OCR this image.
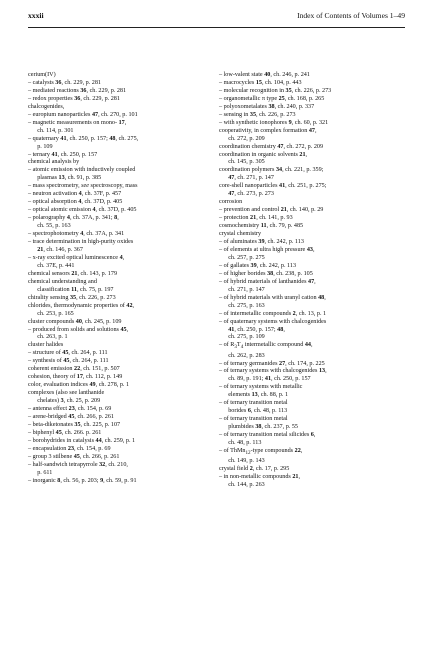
xxxii	Index of Contents of Volumes 1–49
cerium(IV)
– catalysts 36, ch. 229, p. 281
– mediated reactions 36, ch. 229, p. 281
– redox properties 36, ch. 229, p. 281
chalcogenides,
– europium nanoparticles 47, ch. 270, p. 101
– magnetic measurements on mono- 17,
ch. 114, p. 301
– quaternary 41, ch. 250, p. 157; 48, ch. 275,
p. 109
– ternary 41, ch. 250, p. 157
chemical analysis by
– atomic emission with inductively coupled
plasmas 13, ch. 91, p. 385
– mass spectrometry, see spectroscopy, mass
– neutron activation 4, ch. 37F, p. 457
– optical absorption 4, ch. 37D, p. 405
– optical atomic emission 4, ch. 37D, p. 405
– polarography 4, ch. 37A, p. 341; 8,
ch. 55, p. 163
– spectrophotometry 4, ch. 37A, p. 341
– trace determination in high-purity oxides
21, ch. 146, p. 367
– x-ray excited optical luminescence 4,
ch. 37E, p. 441
chemical sensors 21, ch. 143, p. 179
chemical understanding and
classification 11, ch. 75, p. 197
chirality sensing 35, ch. 226, p. 273
chlorides, thermodynamic properties of 42,
ch. 253, p. 165
cluster compounds 40, ch. 245, p. 109
– produced from solids and solutions 45,
ch. 263, p. 1
cluster halides
– structure of 45, ch. 264, p. 111
– synthesis of 45, ch. 264, p. 111
coherent emission 22, ch. 151, p. 507
cohesion, theory of 17, ch. 112, p. 149
color, evaluation indices 49, ch. 278, p. 1
complexes (also see lanthanide
chelates) 3, ch. 25, p. 209
– antenna effect 23, ch. 154, p. 69
– arene-bridged 45, ch. 266, p. 261
– beta-diketonates 35, ch. 225, p. 107
– biphenyl 45, ch. 266. p. 261
– borohydrides in catalysis 44, ch. 259, p. 1
– encapsulation 23, ch. 154, p. 69
– group 3 stilbene 45, ch. 266, p. 261
– half-sandwich tetrapyrrole 32, ch. 210,
p. 611
– inorganic 8, ch. 56, p. 203; 9, ch. 59, p. 91
– low-valent state 40, ch. 246, p. 241
– macrocycles 15, ch. 104, p. 443
– molecular recognition in 35, ch. 226, p. 273
– organometallic π type 25, ch. 168, p. 265
– polyoxometalates 38, ch. 240, p. 337
– sensing in 35, ch. 226, p. 273
– with synthetic ionophores 9, ch. 60, p. 321
cooperativity, in complex formation 47,
ch. 272, p. 209
coordination chemistry 47, ch. 272, p. 209
coordination in organic solvents 21,
ch. 145, p. 305
coordination polymers 34, ch. 221, p. 359;
47, ch. 271, p. 147
core-shell nanoparticles 41, ch. 251, p. 275;
47, ch. 273, p. 273
corrosion
– prevention and control 21, ch. 140, p. 29
– protection 21, ch. 141, p. 93
cosmochemistry 11, ch. 79, p. 485
crystal chemistry
– of aluminates 39, ch. 242, p. 113
– of elements at ultra high pressure 43,
ch. 257, p. 275
– of gallates 39, ch. 242, p. 113
– of higher borides 38, ch. 238, p. 105
– of hybrid materials of lanthanides 47,
ch. 271, p. 147
– of hybrid materials with uranyl cation 48,
ch. 275, p. 163
– of intermetallic compounds 2, ch. 13, p. 1
– of quaternary systems with chalcogenides
41, ch. 250, p. 157; 48,
ch. 275, p. 109
– of $R_3T_4$ intermetallic compound 44,
ch. 262, p. 283
– of ternary germanides 27, ch. 174, p. 225
– of ternary systems with chalcogenides 13,
ch. 89, p. 191; 41, ch. 250, p. 157
– of ternary systems with metallic
elements 13, ch. 88, p. 1
– of ternary transition metal
borides 6, ch. 48, p. 113
– of ternary transition metal
plumbides 38, ch. 237, p. 55
– of ternary transition metal silicides 6,
ch. 48, p. 113
– of ThMn$_{12}$-type compounds 22,
ch. 149, p. 143
crystal field 2, ch. 17, p. 295
– in non-metallic compounds 21,
ch. 144, p. 263
